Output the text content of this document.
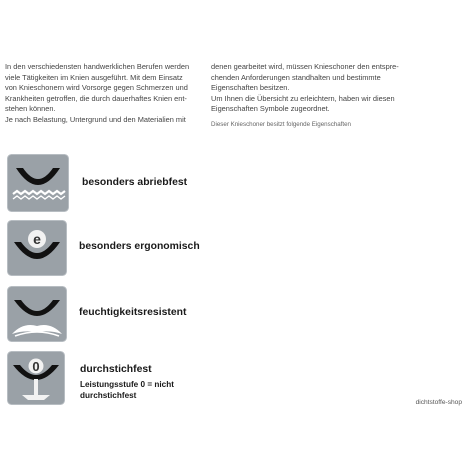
In den verschiedensten handwerklichen Berufen werden

viele Tätigkeiten im Knien ausgeführt. Mit dem Einsatz

von Knieschonern wird Vorsorge gegen Schmerzen und

Krankheiten getroffen, die durch dauerhaftes Knien ent-

stehen können.

Je nach Belastung, Untergrund und den Materialien mit

denen gearbeitet wird, müssen Knieschoner den entspre-

chenden Anforderungen standhalten und bestimmte

Eigenschaften besitzen.

Um Ihnen die Übersicht zu erleichtern, haben wir diesen

Eigenschaften Symbole zugeordnet.

Dieser Knieschoner besitzt folgende Eigenschaften

besonders abriebfest
e	besonders ergonomisch
feuchtigkeitsresistent
0	durchstichfest
Leistungsstufe 0 = nicht durchstichfest
dichtstoffe-shop
